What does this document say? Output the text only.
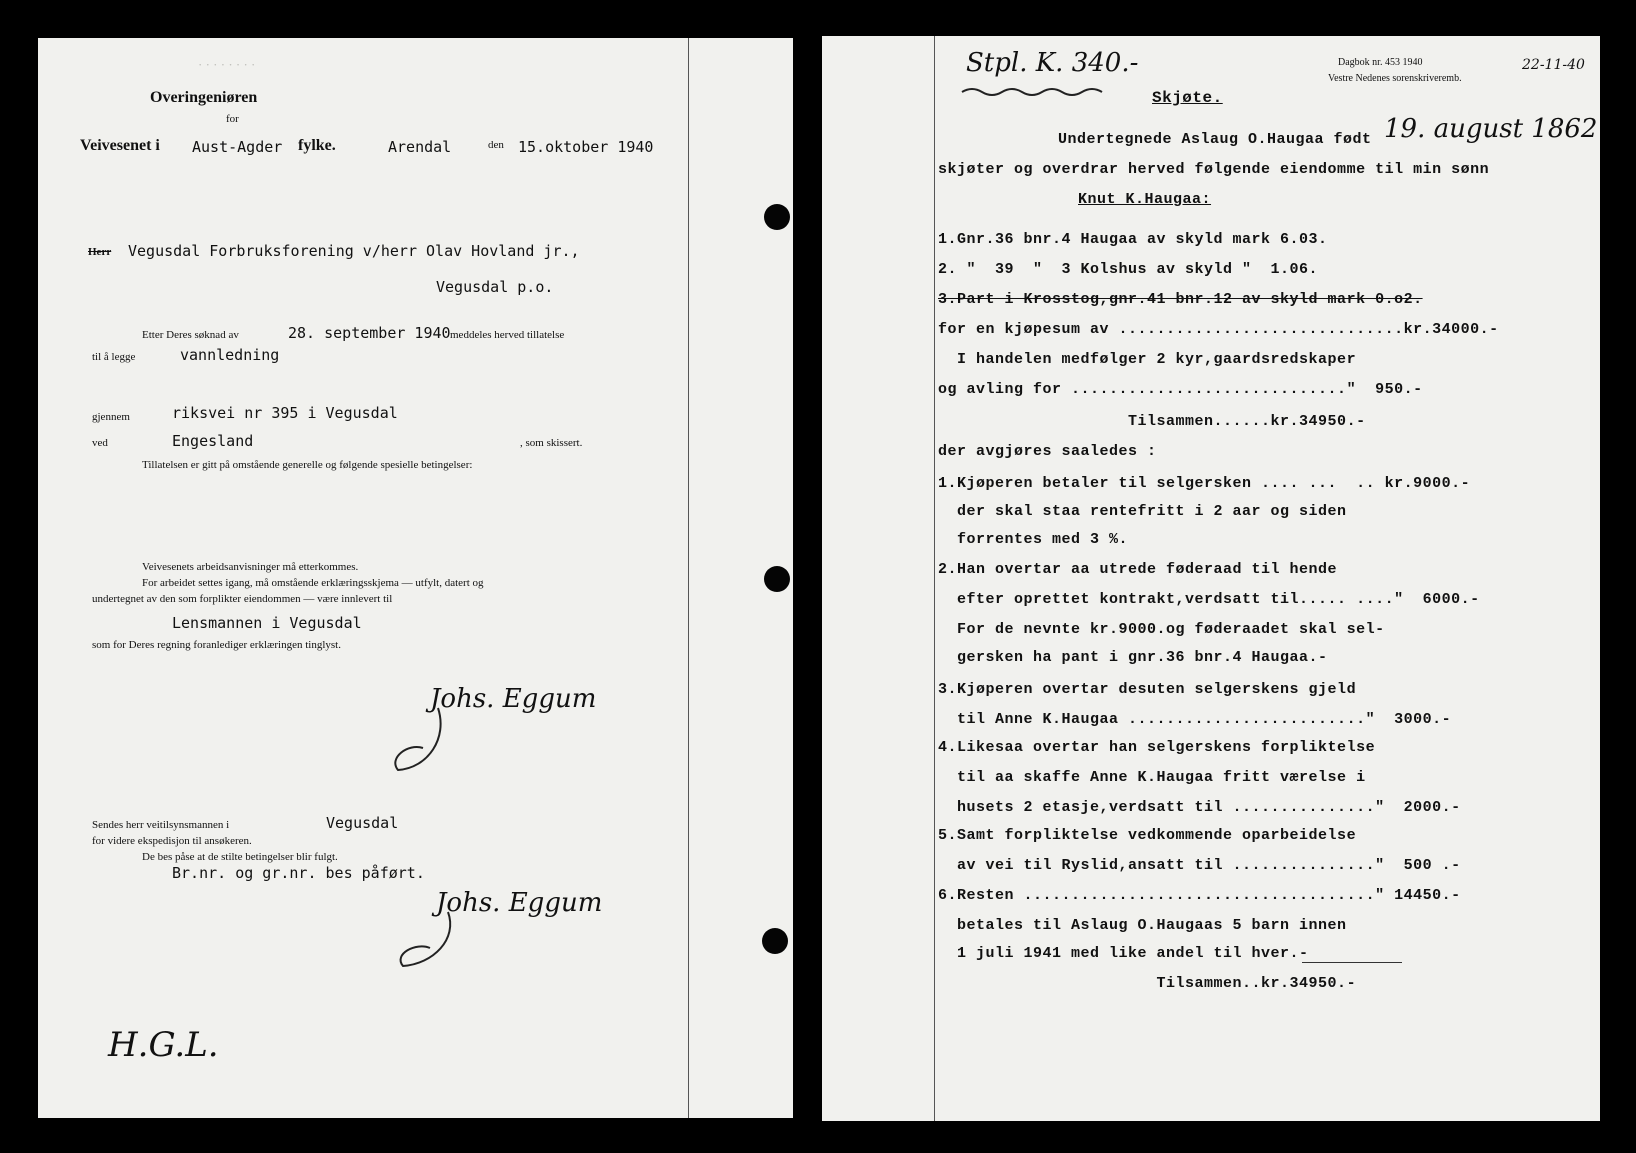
· · · · · · · ·
Overingeniøren
for
Veivesenet i Aust-Agder fylke.	Arendal	den 15.oktober 1940
Herr Vegusdal Forbruksforening v/herr Olav Hovland jr.,
Vegusdal p.o.
Etter Deres søknad av	28. september 1940 meddeles herved tillatelse
til å legge	vannledning
gjennem	riksvei nr 395 i Vegusdal
ved	Engesland	, som skissert.
Tillatelsen er gitt på omstående generelle og følgende spesielle betingelser:
Veivesenets arbeidsanvisninger må etterkommes.
For arbeidet settes igang, må omstående erklæringsskjema — utfylt, datert og
undertegnet av den som forplikter eiendommen — være innlevert til
Lensmannen i Vegusdal
som for Deres regning foranlediger erklæringen tinglyst.
Johs. Eggum
Sendes herr veitilsynsmannen i	Vegusdal
for videre ekspedisjon til ansøkeren.
De bes påse at de stilte betingelser blir fulgt.
Br.nr. og gr.nr. bes påført.
Johs. Eggum
H.G.L.
Stpl. K. 340.-
Skjøte.
Dagbok nr. 453 1940
Vestre Nedenes sorenskriveremb.
22-11-40
Undertegnede Aslaug O.Haugaa født 19. august 1862
skjøter og overdrar herved følgende eiendomme til min sønn
Knut K.Haugaa:
1.Gnr.36 bnr.4 Haugaa av skyld mark 6.03.
2. "  39  "  3 Kolshus av skyld "  1.06.
3.Part i Krosstog,gnr.41 bnr.12 av skyld mark 0.o2.
for en kjøpesum av ..............................kr.34000.-
I handelen medfølger 2 kyr,gaardsredskaper
og avling for ............................."  950.-
Tilsammen......kr.34950.-
der avgjøres saaledes :
1.Kjøperen betaler til selgersken .... ...  .. kr.9000.-
der skal staa rentefritt i 2 aar og siden
forrentes med 3 %.
2.Han overtar aa utrede føderaad til hende
efter oprettet kontrakt,verdsatt til..... ...."  6000.-
For de nevnte kr.9000.og føderaadet skal sel-
gersken ha pant i gnr.36 bnr.4 Haugaa.-
3.Kjøperen overtar desuten selgerskens gjeld
til Anne K.Haugaa ........................."  3000.-
4.Likesaa overtar han selgerskens forpliktelse
til aa skaffe Anne K.Haugaa fritt værelse i
husets 2 etasje,verdsatt til ..............."  2000.-
5.Samt forpliktelse vedkommende oparbeidelse
av vei til Ryslid,ansatt til ..............."  500 .-
6.Resten ....................................." 14450.-
betales til Aslaug O.Haugaas 5 barn innen
1 juli 1941 med like andel til hver.-
Tilsammen..kr.34950.-
